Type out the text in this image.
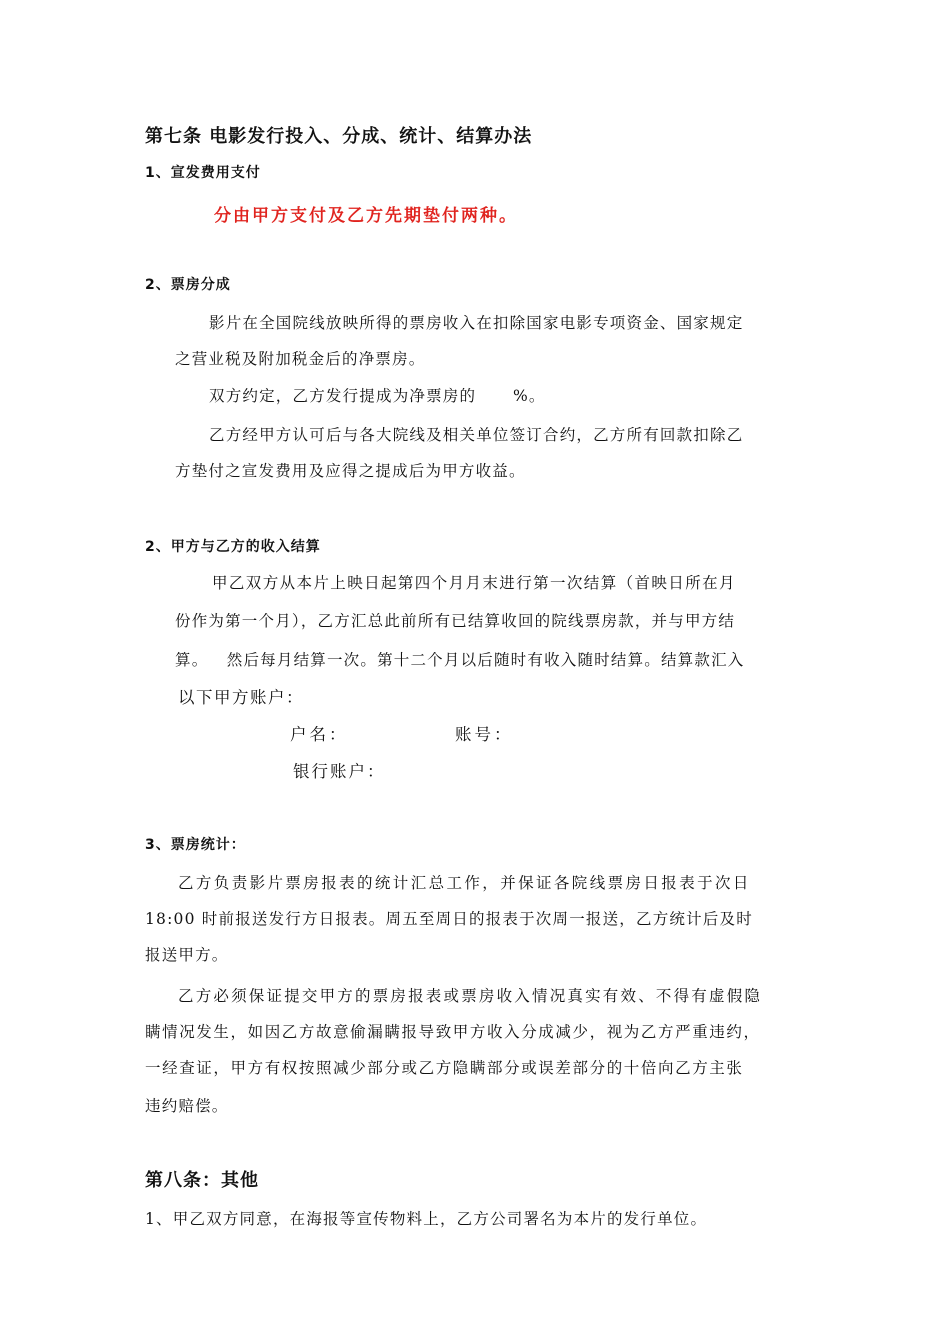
第七条 电影发行投入、分成、统计、结算办法

1、宣发费用支付

分由甲方支付及乙方先期垫付两种。

2、票房分成

影片在全国院线放映所得的票房收入在扣除国家电影专项资金、国家规定

之营业税及附加税金后的净票房。

双方约定，乙方发行提成为净票房的      %。

乙方经甲方认可后与各大院线及相关单位签订合约，乙方所有回款扣除乙

方垫付之宣发费用及应得之提成后为甲方收益。

2、甲方与乙方的收入结算

甲乙双方从本片上映日起第四个月月末进行第一次结算（首映日所在月

份作为第一个月），乙方汇总此前所有已结算收回的院线票房款，并与甲方结

算。   然后每月结算一次。第十二个月以后随时有收入随时结算。结算款汇入

以下甲方账户：

户名：	账号：

银行账户：

3、票房统计：

乙方负责影片票房报表的统计汇总工作，并保证各院线票房日报表于次日

18:00 时前报送发行方日报表。周五至周日的报表于次周一报送，乙方统计后及时

报送甲方。

乙方必须保证提交甲方的票房报表或票房收入情况真实有效、不得有虚假隐

瞒情况发生，如因乙方故意偷漏瞒报导致甲方收入分成减少，视为乙方严重违约，

一经查证，甲方有权按照减少部分或乙方隐瞒部分或误差部分的十倍向乙方主张

违约赔偿。

第八条：其他

1、甲乙双方同意，在海报等宣传物料上，乙方公司署名为本片的发行单位。
